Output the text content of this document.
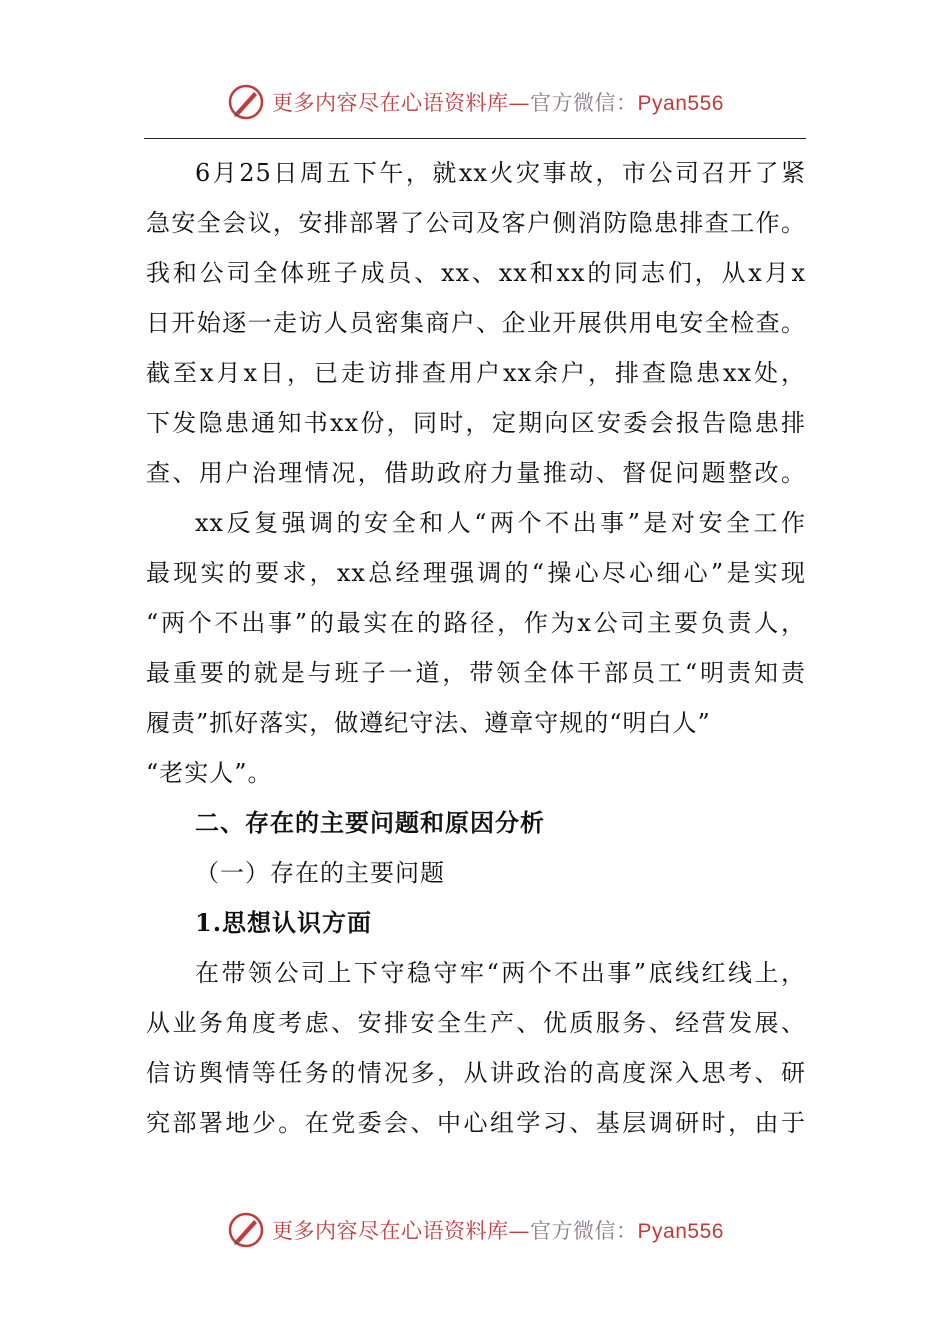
更多内容尽在心语资料库—官方微信：Pyan556
6月25日周五下午，就xx火灾事故，市公司召开了紧
急安全会议，安排部署了公司及客户侧消防隐患排查工作。
我和公司全体班子成员、xx、xx和xx的同志们，从x月x
日开始逐一走访人员密集商户、企业开展供用电安全检查。
截至x月x日，已走访排查用户xx余户，排查隐患xx处，
下发隐患通知书xx份，同时，定期向区安委会报告隐患排
查、用户治理情况，借助政府力量推动、督促问题整改。
xx反复强调的安全和人“两个不出事”是对安全工作
最现实的要求，xx总经理强调的“操心尽心细心”是实现
“两个不出事”的最实在的路径，作为x公司主要负责人，
最重要的就是与班子一道，带领全体干部员工“明责知责
履责”抓好落实，做遵纪守法、遵章守规的“明白人”
“老实人”。
二、存在的主要问题和原因分析
（一）存在的主要问题
1.思想认识方面
在带领公司上下守稳守牢“两个不出事”底线红线上，
从业务角度考虑、安排安全生产、优质服务、经营发展、
信访舆情等任务的情况多，从讲政治的高度深入思考、研
究部署地少。在党委会、中心组学习、基层调研时，由于
更多内容尽在心语资料库—官方微信：Pyan556
